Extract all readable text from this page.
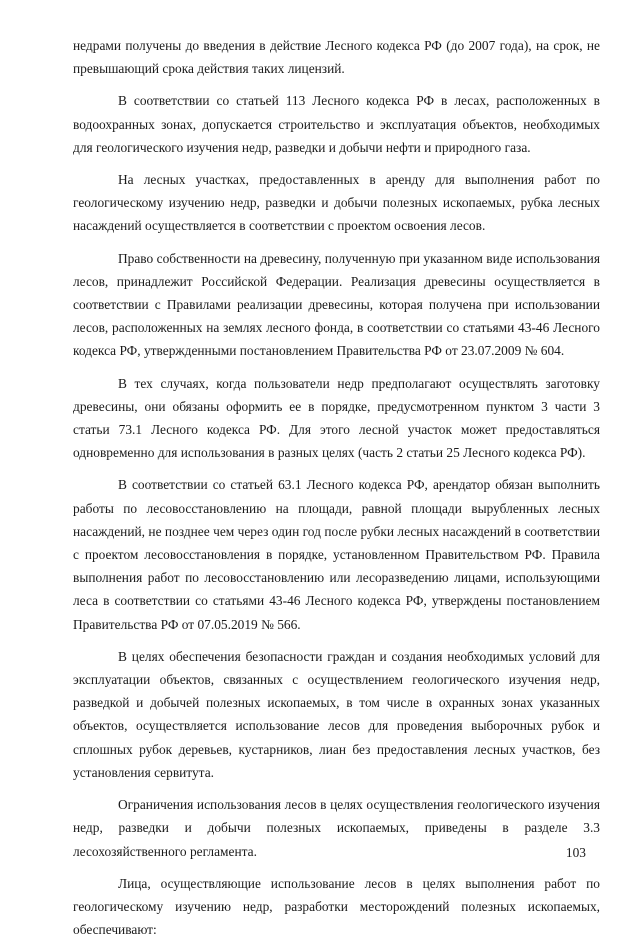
недрами получены до введения в действие Лесного кодекса РФ (до 2007 года), на срок, не превышающий срока действия таких лицензий.

В соответствии со статьей 113 Лесного кодекса РФ в лесах, расположенных в водоохранных зонах, допускается строительство и эксплуатация объектов, необходимых для геологического изучения недр, разведки и добычи нефти и природного газа.

На лесных участках, предоставленных в аренду для выполнения работ по геологическому изучению недр, разведки и добычи полезных ископаемых, рубка лесных насаждений осуществляется в соответствии с проектом освоения лесов.

Право собственности на древесину, полученную при указанном виде использования лесов, принадлежит Российской Федерации. Реализация древесины осуществляется в соответствии с Правилами реализации древесины, которая получена при использовании лесов, расположенных на землях лесного фонда, в соответствии со статьями 43-46 Лесного кодекса РФ, утвержденными постановлением Правительства РФ от 23.07.2009 № 604.

В тех случаях, когда пользователи недр предполагают осуществлять заготовку древесины, они обязаны оформить ее в порядке, предусмотренном пунктом 3 части 3 статьи 73.1 Лесного кодекса РФ. Для этого лесной участок может предоставляться одновременно для использования в разных целях (часть 2 статьи 25 Лесного кодекса РФ).

В соответствии со статьей 63.1 Лесного кодекса РФ, арендатор обязан выполнить работы по лесовосстановлению на площади, равной площади вырубленных лесных насаждений, не позднее чем через один год после рубки лесных насаждений в соответствии с проектом лесовосстановления в порядке, установленном Правительством РФ. Правила выполнения работ по лесовосстановлению или лесоразведению лицами, использующими леса в соответствии со статьями 43-46 Лесного кодекса РФ, утверждены постановлением Правительства РФ от 07.05.2019 № 566.

В целях обеспечения безопасности граждан и создания необходимых условий для эксплуатации объектов, связанных с осуществлением геологического изучения недр, разведкой и добычей полезных ископаемых, в том числе в охранных зонах указанных объектов, осуществляется использование лесов для проведения выборочных рубок и сплошных рубок деревьев, кустарников, лиан без предоставления лесных участков, без установления сервитута.

Ограничения использования лесов в целях осуществления геологического изучения недр, разведки и добычи полезных ископаемых, приведены в разделе 3.3 лесохозяйственного регламента.

Лица, осуществляющие использование лесов в целях выполнения работ по геологическому изучению недр, разработки месторождений полезных ископаемых, обеспечивают:

103
